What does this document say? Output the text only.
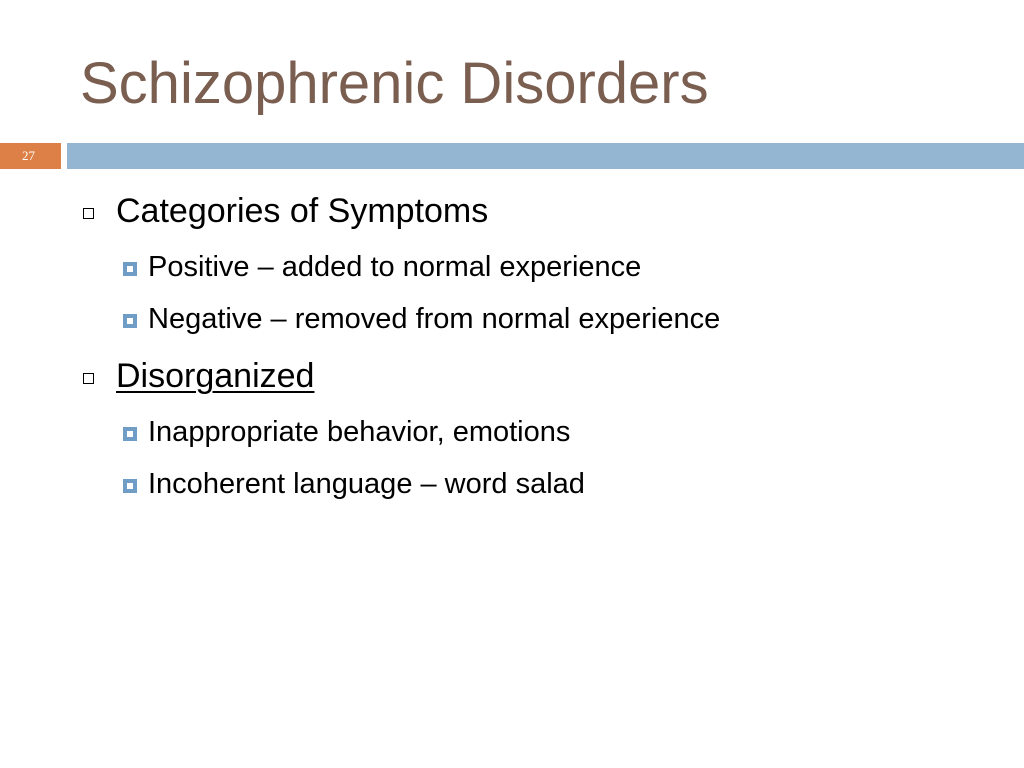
Schizophrenic Disorders
27
Categories of Symptoms
Positive – added to normal experience
Negative – removed from normal experience
Disorganized
Inappropriate behavior, emotions
Incoherent language – word salad
